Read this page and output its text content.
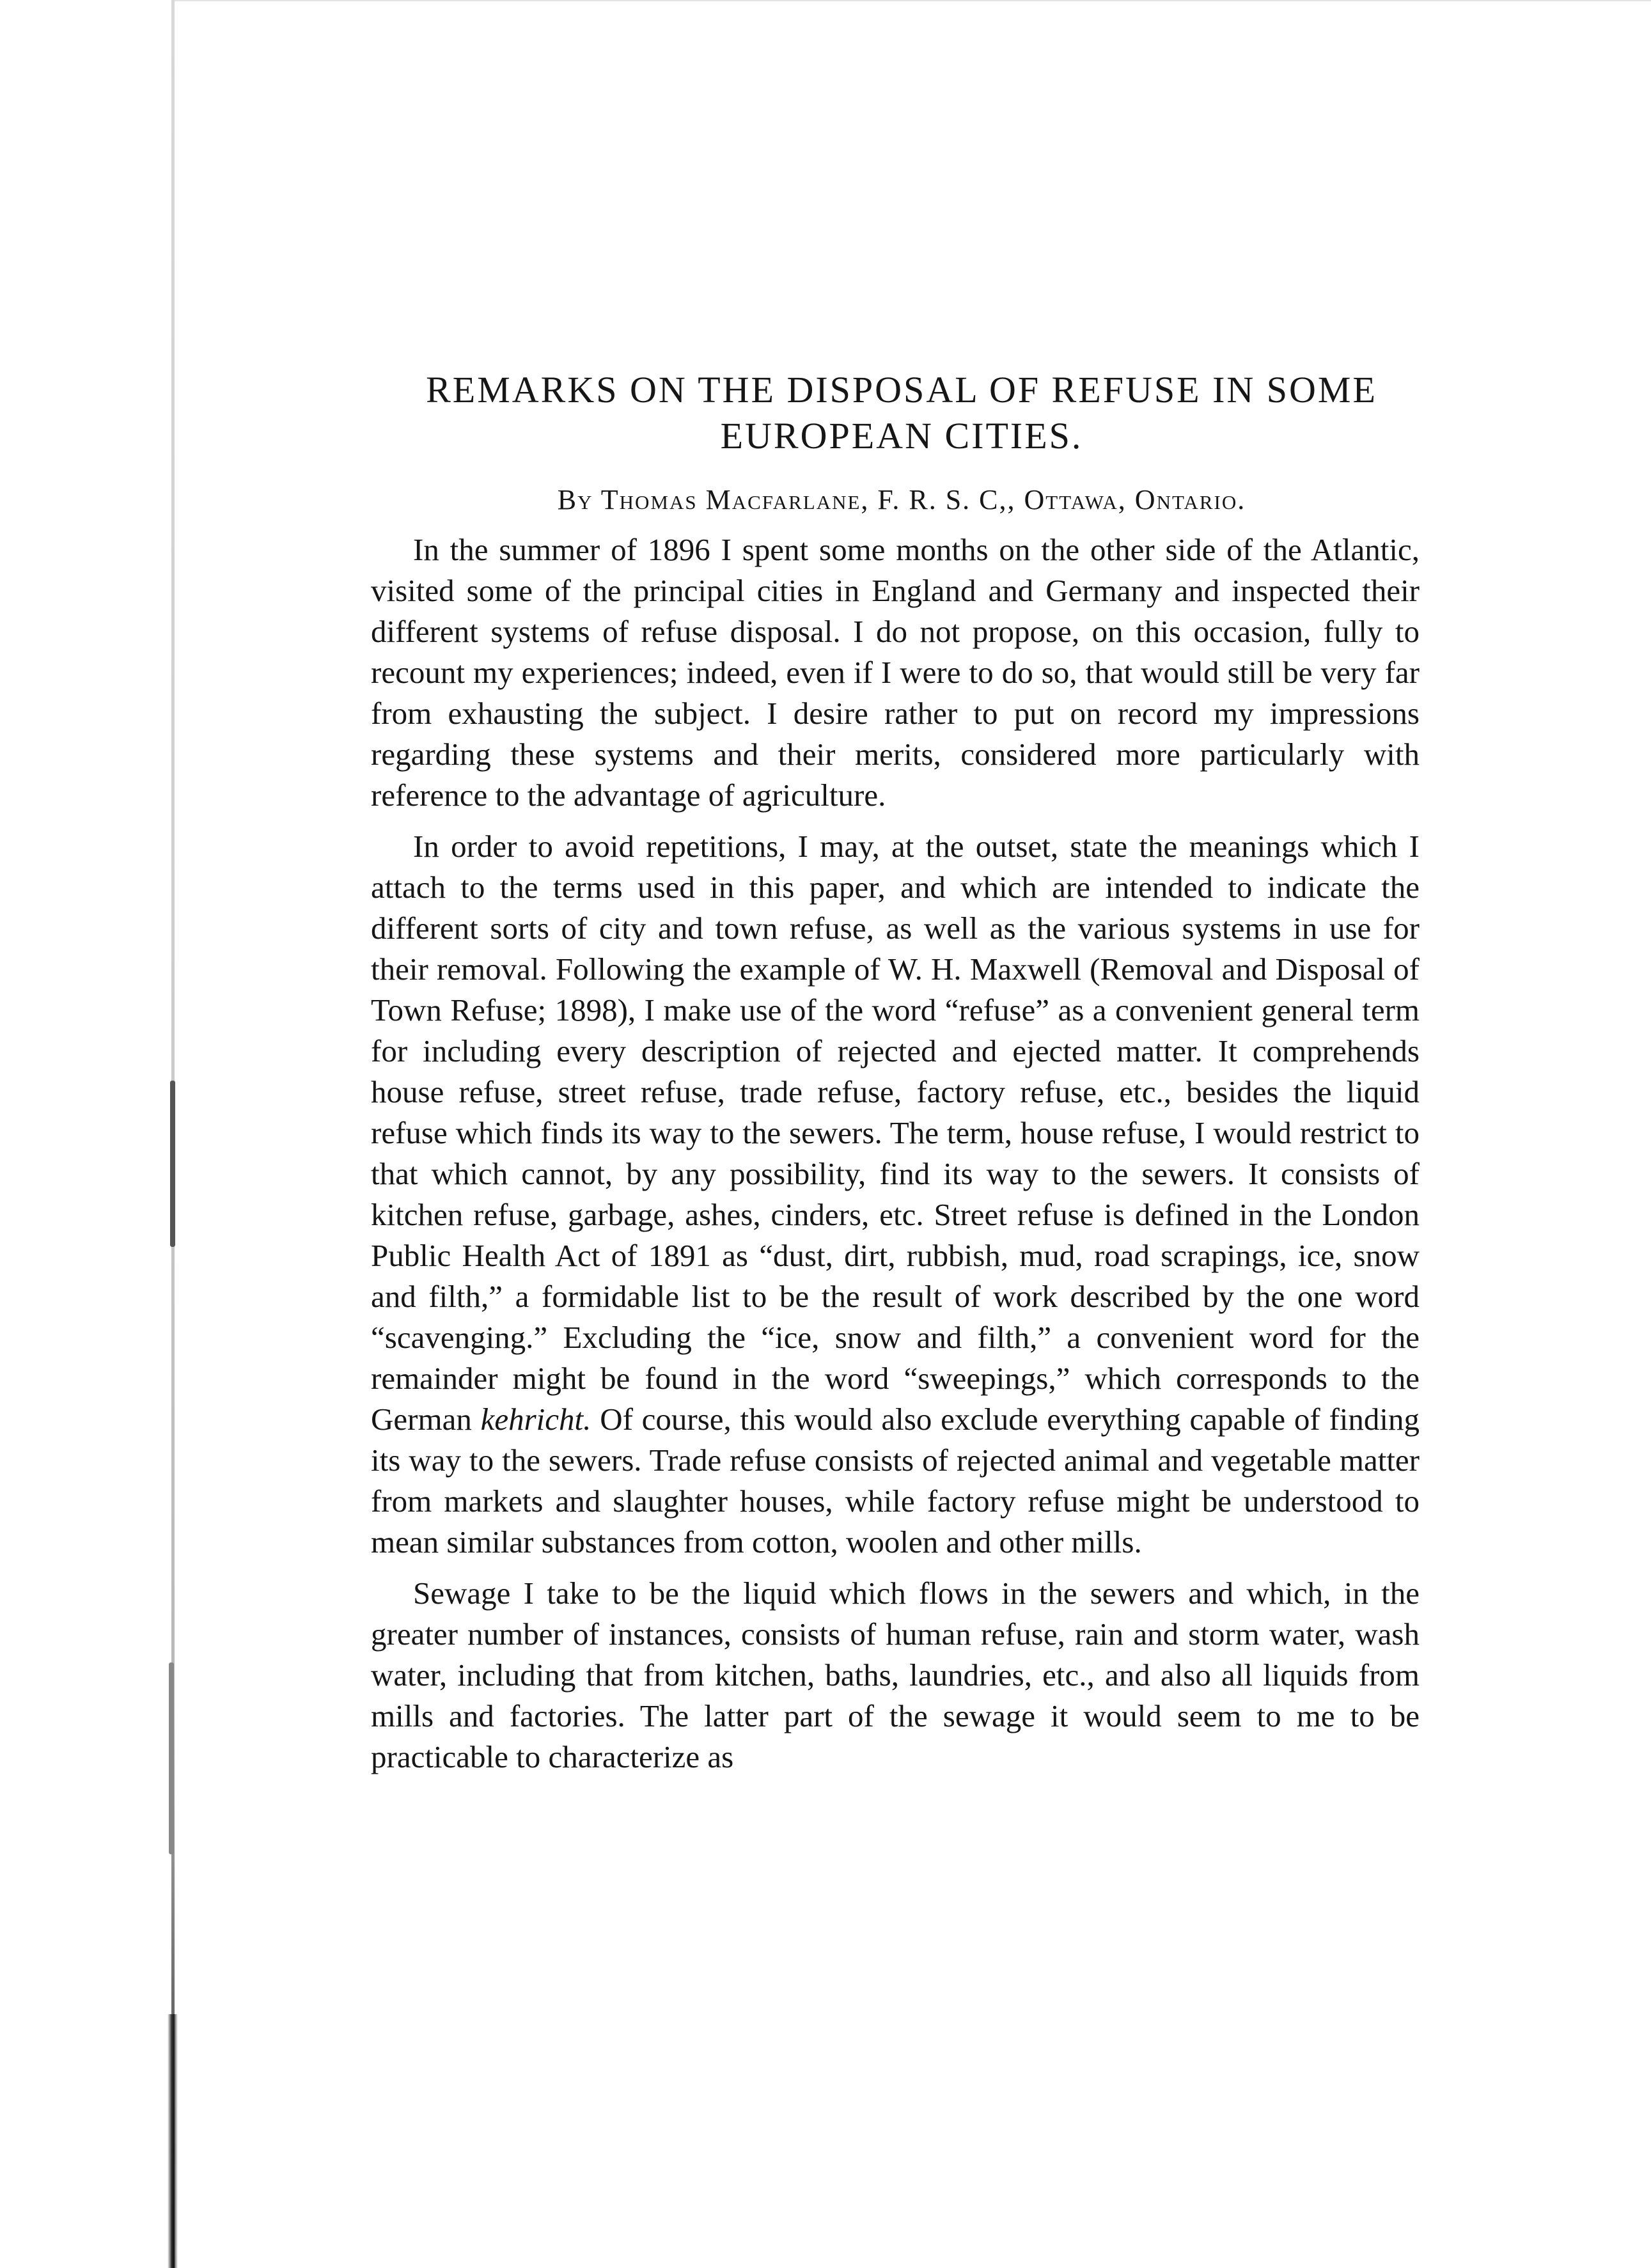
REMARKS ON THE DISPOSAL OF REFUSE IN SOME EUROPEAN CITIES.

By Thomas Macfarlane, F. R. S. C,, Ottawa, Ontario.

In the summer of 1896 I spent some months on the other side of the Atlantic, visited some of the principal cities in England and Germany and inspected their different systems of refuse disposal. I do not propose, on this occasion, fully to recount my experiences; indeed, even if I were to do so, that would still be very far from exhausting the subject. I desire rather to put on record my impressions regarding these systems and their merits, considered more particularly with reference to the advantage of agriculture.

In order to avoid repetitions, I may, at the outset, state the meanings which I attach to the terms used in this paper, and which are intended to indicate the different sorts of city and town refuse, as well as the various systems in use for their removal. Following the example of W. H. Maxwell (Removal and Disposal of Town Refuse; 1898), I make use of the word “refuse” as a convenient general term for including every description of rejected and ejected matter. It comprehends house refuse, street refuse, trade refuse, factory refuse, etc., besides the liquid refuse which finds its way to the sewers. The term, house refuse, I would restrict to that which cannot, by any possibility, find its way to the sewers. It consists of kitchen refuse, garbage, ashes, cinders, etc. Street refuse is defined in the London Public Health Act of 1891 as “dust, dirt, rubbish, mud, road scrapings, ice, snow and filth,” a formidable list to be the result of work described by the one word “scavenging.” Excluding the “ice, snow and filth,” a convenient word for the remainder might be found in the word “sweepings,” which corresponds to the German kehricht. Of course, this would also exclude everything capable of finding its way to the sewers. Trade refuse consists of rejected animal and vegetable matter from markets and slaughter houses, while factory refuse might be understood to mean similar substances from cotton, woolen and other mills.

Sewage I take to be the liquid which flows in the sewers and which, in the greater number of instances, consists of human refuse, rain and storm water, wash water, including that from kitchen, baths, laundries, etc., and also all liquids from mills and factories. The latter part of the sewage it would seem to me to be practicable to characterize as
